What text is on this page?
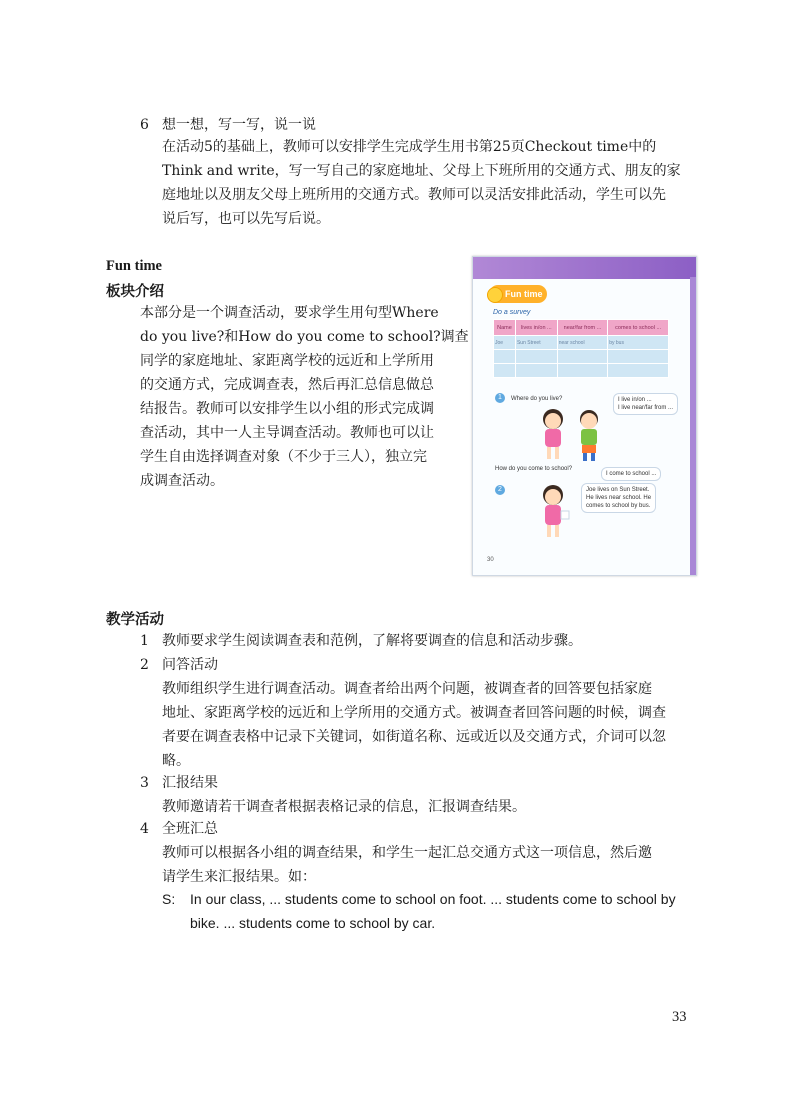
6 想一想，写一写，说一说
在活动5的基础上，教师可以安排学生完成学生用书第25页Checkout time中的
Think and write，写一写自己的家庭地址、父母上下班所用的交通方式、朋友的家
庭地址以及朋友父母上班所用的交通方式。教师可以灵活安排此活动，学生可以先
说后写，也可以先写后说。
Fun time
板块介绍
本部分是一个调查活动，要求学生用句型Where
do you live?和How do you come to school?调查
同学的家庭地址、家距离学校的远近和上学所用
的交通方式，完成调查表，然后再汇总信息做总
结报告。教师可以安排学生以小组的形式完成调
查活动，其中一人主导调查活动。教师也可以让
学生自由选择调查对象（不少于三人），独立完
成调查活动。
Fun time
Do a survey
Name	lives in/on ...	near/far from ...	comes to school ...
Joe	Sun Street	near school	by bus

1	Where do you live?	I live in/on ...
I live near/far from ...
How do you come to school?
I come to school ...
2	Joe lives on Sun Street.
He lives near school. He
comes to school by bus.
30
教学活动
1 教师要求学生阅读调查表和范例，了解将要调查的信息和活动步骤。
2 问答活动
教师组织学生进行调查活动。调查者给出两个问题，被调查者的回答要包括家庭
地址、家距离学校的远近和上学所用的交通方式。被调查者回答问题的时候，调查
者要在调查表格中记录下关键词，如街道名称、远或近以及交通方式，介词可以忽
略。
3 汇报结果
教师邀请若干调查者根据表格记录的信息，汇报调查结果。
4 全班汇总
教师可以根据各小组的调查结果，和学生一起汇总交通方式这一项信息，然后邀
请学生来汇报结果。如：
S: In our class, ... students come to school on foot. ... students come to school by
bike. ... students come to school by car.
33
